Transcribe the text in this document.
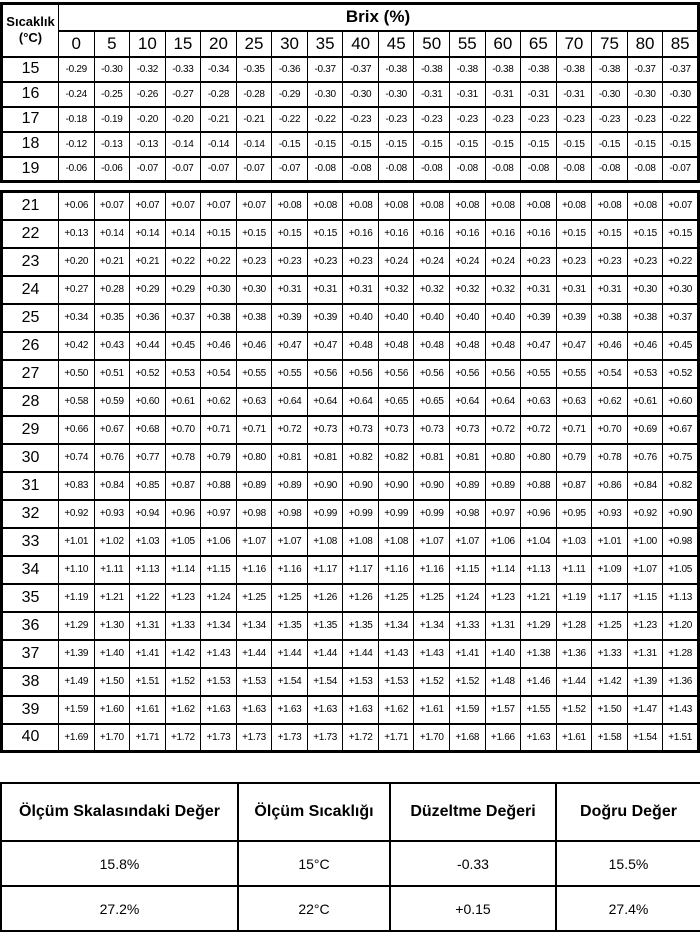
Sıcaklık
(°C)	Brix (%)																	
	0	5	10	15	20	25	30	35	40	45	50	55	60	65	70	75	80	85
15	-0.29	-0.30	-0.32	-0.33	-0.34	-0.35	-0.36	-0.37	-0.37	-0.38	-0.38	-0.38	-0.38	-0.38	-0.38	-0.38	-0.37	-0.37
16	-0.24	-0.25	-0.26	-0.27	-0.28	-0.28	-0.29	-0.30	-0.30	-0.30	-0.31	-0.31	-0.31	-0.31	-0.31	-0.30	-0.30	-0.30
17	-0.18	-0.19	-0.20	-0.20	-0.21	-0.21	-0.22	-0.22	-0.23	-0.23	-0.23	-0.23	-0.23	-0.23	-0.23	-0.23	-0.23	-0.22
18	-0.12	-0.13	-0.13	-0.14	-0.14	-0.14	-0.15	-0.15	-0.15	-0.15	-0.15	-0.15	-0.15	-0.15	-0.15	-0.15	-0.15	-0.15
19	-0.06	-0.06	-0.07	-0.07	-0.07	-0.07	-0.07	-0.08	-0.08	-0.08	-0.08	-0.08	-0.08	-0.08	-0.08	-0.08	-0.08	-0.07
21	+0.06	+0.07	+0.07	+0.07	+0.07	+0.07	+0.08	+0.08	+0.08	+0.08	+0.08	+0.08	+0.08	+0.08	+0.08	+0.08	+0.08	+0.07
22	+0.13	+0.14	+0.14	+0.14	+0.15	+0.15	+0.15	+0.15	+0.16	+0.16	+0.16	+0.16	+0.16	+0.16	+0.15	+0.15	+0.15	+0.15
23	+0.20	+0.21	+0.21	+0.22	+0.22	+0.23	+0.23	+0.23	+0.23	+0.24	+0.24	+0.24	+0.24	+0.23	+0.23	+0.23	+0.23	+0.22
24	+0.27	+0.28	+0.29	+0.29	+0.30	+0.30	+0.31	+0.31	+0.31	+0.32	+0.32	+0.32	+0.32	+0.31	+0.31	+0.31	+0.30	+0.30
25	+0.34	+0.35	+0.36	+0.37	+0.38	+0.38	+0.39	+0.39	+0.40	+0.40	+0.40	+0.40	+0.40	+0.39	+0.39	+0.38	+0.38	+0.37
26	+0.42	+0.43	+0.44	+0.45	+0.46	+0.46	+0.47	+0.47	+0.48	+0.48	+0.48	+0.48	+0.48	+0.47	+0.47	+0.46	+0.46	+0.45
27	+0.50	+0.51	+0.52	+0.53	+0.54	+0.55	+0.55	+0.56	+0.56	+0.56	+0.56	+0.56	+0.56	+0.55	+0.55	+0.54	+0.53	+0.52
28	+0.58	+0.59	+0.60	+0.61	+0.62	+0.63	+0.64	+0.64	+0.64	+0.65	+0.65	+0.64	+0.64	+0.63	+0.63	+0.62	+0.61	+0.60
29	+0.66	+0.67	+0.68	+0.70	+0.71	+0.71	+0.72	+0.73	+0.73	+0.73	+0.73	+0.73	+0.72	+0.72	+0.71	+0.70	+0.69	+0.67
30	+0.74	+0.76	+0.77	+0.78	+0.79	+0.80	+0.81	+0.81	+0.82	+0.82	+0.81	+0.81	+0.80	+0.80	+0.79	+0.78	+0.76	+0.75
31	+0.83	+0.84	+0.85	+0.87	+0.88	+0.89	+0.89	+0.90	+0.90	+0.90	+0.90	+0.89	+0.89	+0.88	+0.87	+0.86	+0.84	+0.82
32	+0.92	+0.93	+0.94	+0.96	+0.97	+0.98	+0.98	+0.99	+0.99	+0.99	+0.99	+0.98	+0.97	+0.96	+0.95	+0.93	+0.92	+0.90
33	+1.01	+1.02	+1.03	+1.05	+1.06	+1.07	+1.07	+1.08	+1.08	+1.08	+1.07	+1.07	+1.06	+1.04	+1.03	+1.01	+1.00	+0.98
34	+1.10	+1.11	+1.13	+1.14	+1.15	+1.16	+1.16	+1.17	+1.17	+1.16	+1.16	+1.15	+1.14	+1.13	+1.11	+1.09	+1.07	+1.05
35	+1.19	+1.21	+1.22	+1.23	+1.24	+1.25	+1.25	+1.26	+1.26	+1.25	+1.25	+1.24	+1.23	+1.21	+1.19	+1.17	+1.15	+1.13
36	+1.29	+1.30	+1.31	+1.33	+1.34	+1.34	+1.35	+1.35	+1.35	+1.34	+1.34	+1.33	+1.31	+1.29	+1.28	+1.25	+1.23	+1.20
37	+1.39	+1.40	+1.41	+1.42	+1.43	+1.44	+1.44	+1.44	+1.44	+1.43	+1.43	+1.41	+1.40	+1.38	+1.36	+1.33	+1.31	+1.28
38	+1.49	+1.50	+1.51	+1.52	+1.53	+1.53	+1.54	+1.54	+1.53	+1.53	+1.52	+1.52	+1.48	+1.46	+1.44	+1.42	+1.39	+1.36
39	+1.59	+1.60	+1.61	+1.62	+1.63	+1.63	+1.63	+1.63	+1.63	+1.62	+1.61	+1.59	+1.57	+1.55	+1.52	+1.50	+1.47	+1.43
40	+1.69	+1.70	+1.71	+1.72	+1.73	+1.73	+1.73	+1.73	+1.72	+1.71	+1.70	+1.68	+1.66	+1.63	+1.61	+1.58	+1.54	+1.51
Ölçüm Skalasındaki Değer	Ölçüm Sıcaklığı	Düzeltme Değeri	Doğru Değer
15.8%	15°C	-0.33	15.5%
27.2%	22°C	+0.15	27.4%
